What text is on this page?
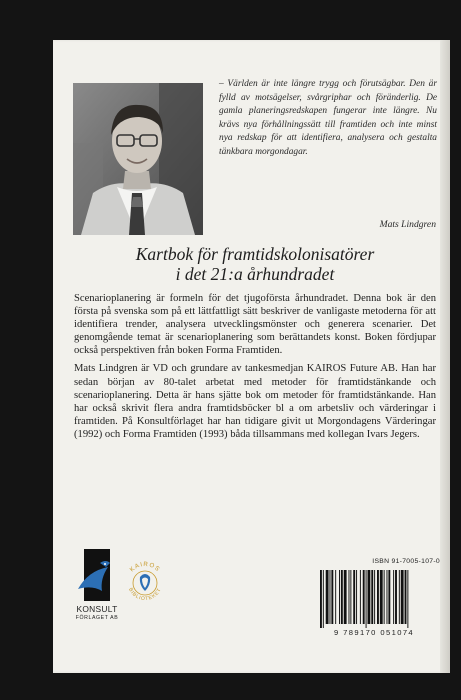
– Världen är inte längre trygg och förutsägbar. Den är fylld av motsägelser, svårgriphar och föränderlig. De gamla planeringsredskapen fungerar inte längre. Nu krävs nya förhållningssätt till framtiden och inte minst nya redskap för att identifiera, analysera och gestalta tänkbara morgondagar.
Mats Lindgren
Kartbok för framtidskolonisatörer
i det 21:a århundradet

Scenarioplanering är formeln för det tjugoförsta århundradet. Denna bok är den första på svenska som på ett lättfattligt sätt beskriver de vanligaste metoderna för att identifiera trender, analysera utvecklingsmönster och generera scenarier. Det genomgående temat är scenarioplanering som berättandets konst. Boken fördjupar också perspektiven från boken Forma Framtiden.

Mats Lindgren är VD och grundare av tankesmedjan KAIROS Future AB. Han har sedan början av 80-talet arbetat med metoder för framtidstänkande och scenarioplanering. Detta är hans sjätte bok om metoder för framtidstänkande. Han har också skrivit flera andra framtidsböcker bl a om arbetsliv och värderingar i framtiden. På Konsultförlaget har han tidigare givit ut Morgondagens Värderingar (1992) och Forma Framtiden (1993) båda tillsammans med kollegan Ivars Jegers.

KONSULT
FÖRLAGET AB
KAIROS
BIBLIOTEKET
ISBN 91-7005-107-0
9 789170 051074
